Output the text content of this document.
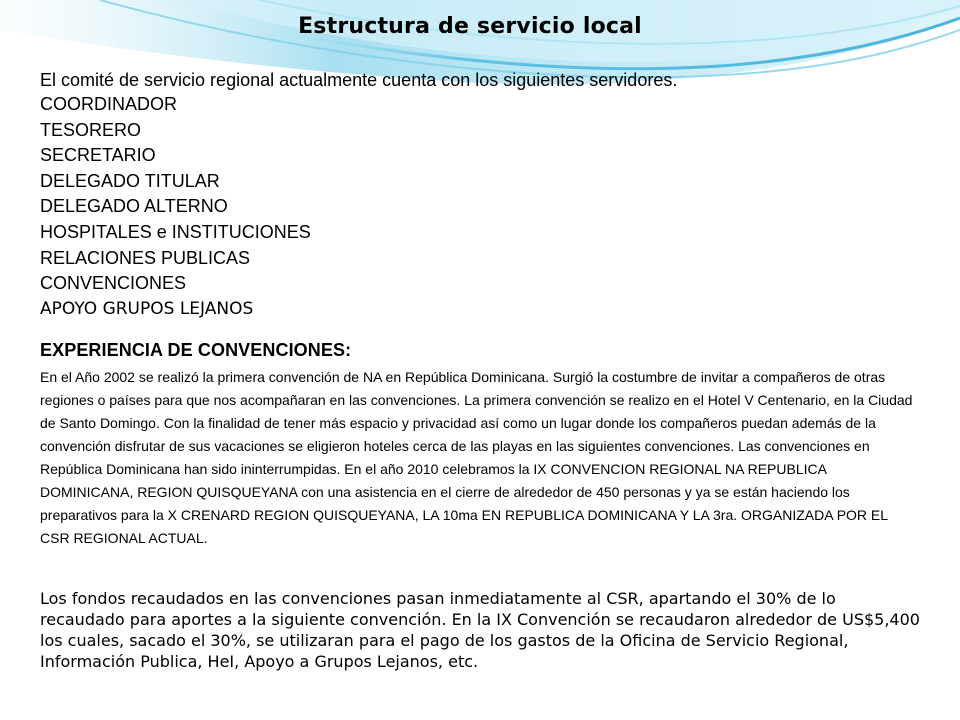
Estructura de servicio local
El comité de servicio regional actualmente cuenta con los siguientes servidores.
COORDINADOR
TESORERO
SECRETARIO
DELEGADO TITULAR
DELEGADO ALTERNO
HOSPITALES e INSTITUCIONES
RELACIONES PUBLICAS
CONVENCIONES
APOYO GRUPOS LEJANOS
EXPERIENCIA DE CONVENCIONES:

En el Año 2002 se realizó la primera convención de NA en República Dominicana. Surgió la costumbre de invitar a compañeros de otras regiones o países para que nos acompañaran en las convenciones. La primera convención se realizo en el Hotel V Centenario, en la Ciudad de Santo Domingo. Con la finalidad de tener más espacio y privacidad así como un lugar donde los compañeros puedan además de la convención disfrutar de sus vacaciones se eligieron hoteles cerca de las playas en las siguientes convenciones. Las convenciones en República Dominicana han sido ininterrumpidas. En el año 2010 celebramos la IX CONVENCION REGIONAL NA REPUBLICA DOMINICANA, REGION QUISQUEYANA con una asistencia en el cierre de alrededor de 450 personas y ya se están haciendo los preparativos para la X CRENARD REGION QUISQUEYANA, LA 10ma EN REPUBLICA DOMINICANA Y LA 3ra. ORGANIZADA POR EL CSR REGIONAL ACTUAL.

Los fondos recaudados en las convenciones pasan inmediatamente al CSR, apartando el 30% de lo recaudado para aportes a la siguiente convención. En la IX Convención se recaudaron alrededor de US$5,400 los cuales, sacado el 30%, se utilizaran para el pago de los gastos de la Oficina de Servicio Regional, Información Publica, HeI, Apoyo a Grupos Lejanos, etc.
